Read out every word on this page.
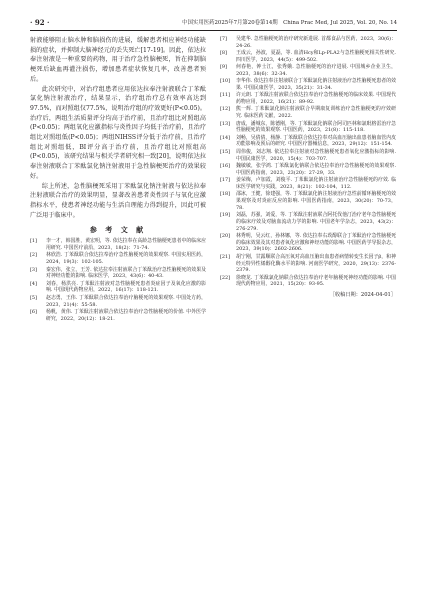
· 92 ·	中国实用医药2025年7月第20卷第14期　China Prac Med, Jul 2025, Vol. 20, No. 14

射液能够阻止脑水肿和脑损伤的进展，缓解患者相应神经功能缺损的症状，并抑制大脑神经元的丢失死亡[17-19]。因此，依达拉奉注射液是一种重要的药物，用于治疗急性脑梗死，旨在抑制脑梗死后缺血再灌注损伤，增加患者症状恢复几率，改善患者预后。

此次研究中，对治疗组患者应用依达拉奉注射液联合丁苯酞氯化钠注射液治疗，结果显示，治疗组治疗总有效率高达到97.5%，而对照组仅77.5%，说明治疗组的疗效更好(P<0.05)。治疗后，两组生活质量评分均高于治疗前，且治疗组比对照组高(P<0.05)；两组氧化应激指标与炎性因子均低于治疗前，且治疗组比对照组低(P<0.05)；两组NIHSS评分低于治疗前，且治疗组比对照组低，BI评分高于治疗前，且治疗组比对照组高(P<0.05)，该研究结果与相关学者研究相一致[20]，说明依达拉奉注射液联合丁苯酞氯化钠注射液用于急性脑梗死治疗的效果较好。

综上所述，急性脑梗死采用丁苯酞氯化钠注射液与依达拉奉注射液联合治疗的效果明显，显著改善患者炎性因子与氧化应激指标水平，使患者神经功能与生活自理能力得到提升，因此可被广泛用于临床中。

参 考 文 献
[1]	李一才，韩国胜，黄宏明，等. 依达拉奉在高龄急性脑梗死患者中的临床应用研究. 中国医疗前沿，2023，18(2)：71-74.
[2]	林欣浩. 丁苯酞联合依达拉奉治疗急性脑梗死的效果观察. 中国实用医药，2024，19(3)：102-105.
[3]	秦宏伟，张立，王芳. 依达拉奉注射液联合丁苯酞治疗急性脑梗死的效果及对神经功能的影响. 临床医学，2023，43(6)：40-43.
[4]	刘春，杨洪亮. 丁苯酞注射液对急性脑梗死患者炎症因子及氧化应激的影响. 中国现代药物应用，2022，16(17)：118-121.
[5]	赵志勇，王伟. 丁苯酞联合依达拉奉治疗脑梗死的效果观察. 中国处方药，2023，21(4)：55-58.
[6]	杨帆，黄伟. 丁苯酞注射液联合依达拉奉治疗急性脑梗死的价值. 中外医学研究，2022，20(12)：18-21.
[7]	吴建华. 急性脑梗死的治疗研究新进展. 首都食品与医药，2023，30(6)：24-26.
[8]	王成云，孙波，夏磊，等. 血清Hcy和Lp-PLA2与急性脑梗死相关性研究. 四川医学，2023，44(5)：499-502.
[9]	何春艳，钟士江，张秀娥. 急性脑梗死的治疗进展. 中国城乡企业卫生，2023，38(6)：32-34.
[10]	李华伟. 依达拉奉注射液联合丁苯酞氯化钠注射液治疗急性脑梗死患者的效果. 中国民康医学，2023，35(21)：31-34.
[11]	许元朗. 丁苯酞注射液联合依达拉奉治疗急性脑梗死的临床效果. 中国现代药物应用，2022，16(21)：89-92.
[12]	熊一辉. 丁苯酞氯化钠注射液联合早期康复训练治疗急性脑梗死的疗效研究. 临床医药文献，2022.
[13]	唐成，潘城东，陈德刚，等. 丁苯酞氯化钠联合阿司匹林和氯吡格雷治疗急性脑梗死的效果观察. 中国医药，2023，21(8)：115-118.
[14]	刘畅，吴倩倩，杨静. 丁苯酞联合依达拉奉对高血压脑出血患者脑血管内皮功能影响及预后的研究. 中国医疗器械信息，2023，29(12)：151-154.
[15]	周伟俊，刘志翔. 依达拉奉注射液对急性脑梗死患者氧化应激指标的影响. 中国民康医学，2020，15(4)：703-707.
[16]	魏敏敏，张学鸿. 丁苯酞氯化钠联合依达拉奉治疗急性脑梗死的效果观察. 中国医药指南，2023，23(20)：27-29，33.
[17]	姜荣梅，卢加霞，刘俊平. 丁苯酞氯化钠注射液治疗急性脑梗死的疗效. 临床医学研究与实践，2023，8(21)：102-104，112.
[18]	邵冰，王健，徐建强，等. 丁苯酞氯化钠注射液治疗急性前循环脑梗死的效果观察及对炎症反应的影响. 中国医药指南，2023，30(20)：70-73，78.
[19]	刘磊，苏强，刘爱，等. 丁苯酞注射液联合阿托伐他汀治疗老年急性脑梗死的临床疗效及对脑血流动力学的影响. 中国老年学杂志，2023，43(2)：276-279.
[20]	林秀明，吴云红，孙林娜，等. 依达拉奉右莰醇联合丁苯酞治疗急性脑梗死的临床效果及其对患者氧化应激和神经功能的影响. 中国医药学导报杂志，2023，39(10)：2602-2606.
[21]	胡宁刚，甘露顺联合高压氧对高血压脑出血患者病情转变生长因子β，和神经元特异性烯醇化酶水平的影响. 河南医学研究，2020，29(13)：2376-2379.
[22]	徐晓龙. 丁苯酞氯化钠联合依达拉奉治疗老年脑梗死神经功能的影响. 中国现代药物应用，2021，15(20)：93-95.
［收稿日期：2024-04-01］
